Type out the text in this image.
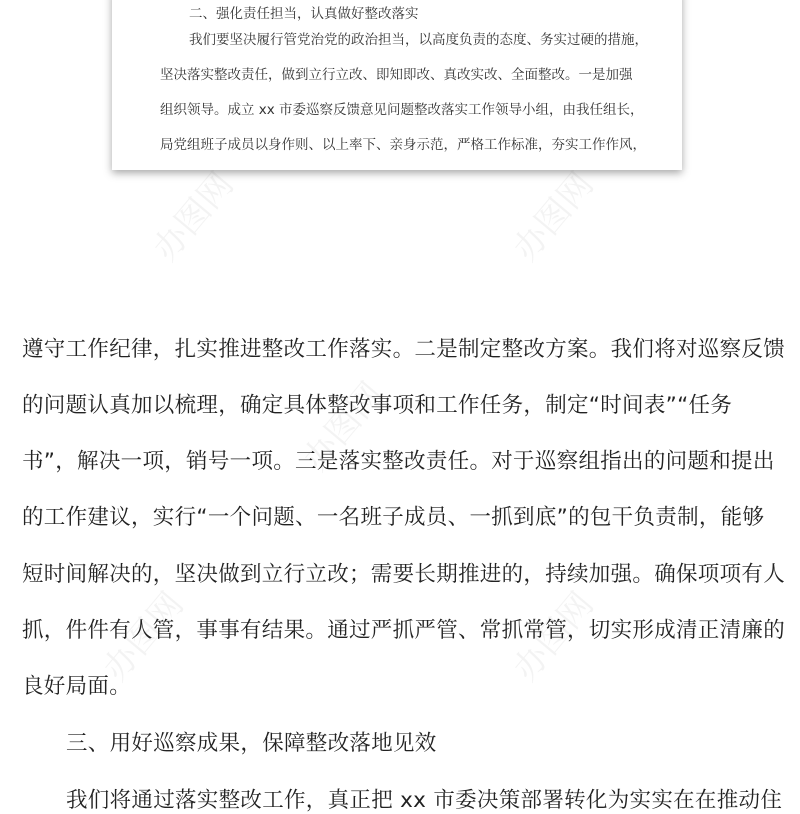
办图网	办图网
办图网
办图网	办图网
二、强化责任担当，认真做好整改落实
我们要坚决履行管党治党的政治担当，以高度负责的态度、务实过硬的措施，
坚决落实整改责任，做到立行立改、即知即改、真改实改、全面整改。一是加强
组织领导。成立 xx 市委巡察反馈意见问题整改落实工作领导小组，由我任组长，
局党组班子成员以身作则、以上率下、亲身示范，严格工作标准，夯实工作作风，
遵守工作纪律，扎实推进整改工作落实。二是制定整改方案。我们将对巡察反馈
的问题认真加以梳理，确定具体整改事项和工作任务，制定“时间表”“任务
书”，解决一项，销号一项。三是落实整改责任。对于巡察组指出的问题和提出
的工作建议，实行“一个问题、一名班子成员、一抓到底”的包干负责制，能够
短时间解决的，坚决做到立行立改；需要长期推进的，持续加强。确保项项有人
抓，件件有人管，事事有结果。通过严抓严管、常抓常管，切实形成清正清廉的
良好局面。
三、用好巡察成果，保障整改落地见效
我们将通过落实整改工作，真正把 xx 市委决策部署转化为实实在在推动住
